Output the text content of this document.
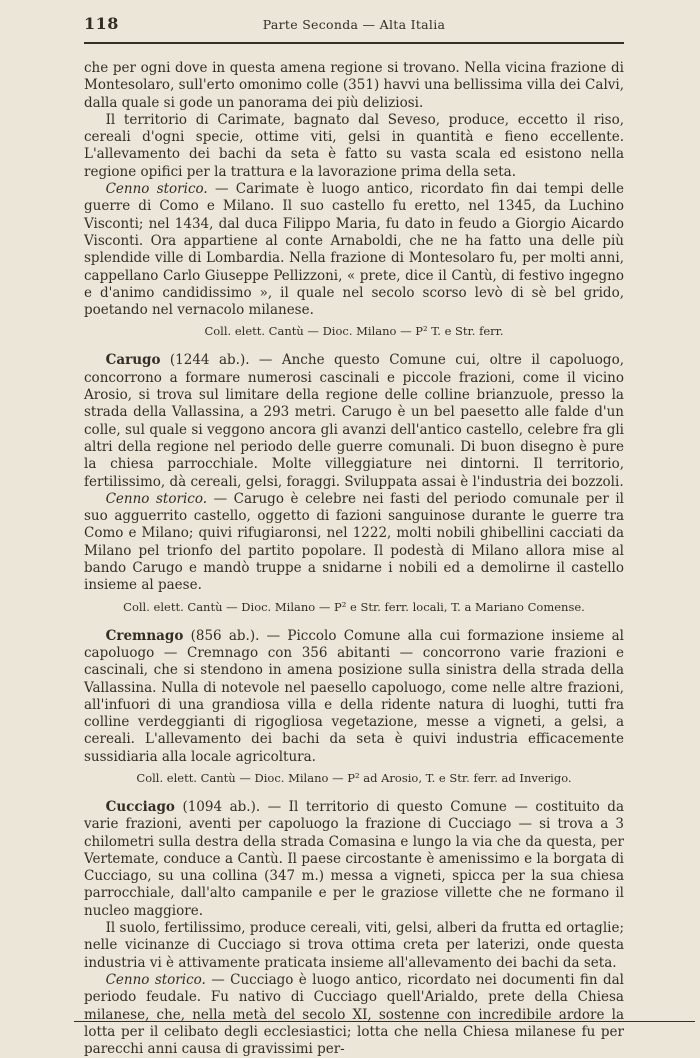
118	Parte Seconda — Alta Italia

che per ogni dove in questa amena regione si trovano. Nella vicina frazione di Montesolaro, sull'erto omonimo colle (351) havvi una bellissima villa dei Calvi, dalla quale si gode un panorama dei più deliziosi.

Il territorio di Carimate, bagnato dal Seveso, produce, eccetto il riso, cereali d'ogni specie, ottime viti, gelsi in quantità e fieno eccellente. L'allevamento dei bachi da seta è fatto su vasta scala ed esistono nella regione opifici per la trattura e la lavorazione prima della seta.

Cenno storico. — Carimate è luogo antico, ricordato fin dai tempi delle guerre di Como e Milano. Il suo castello fu eretto, nel 1345, da Luchino Visconti; nel 1434, dal duca Filippo Maria, fu dato in feudo a Giorgio Aicardo Visconti. Ora appartiene al conte Arnaboldi, che ne ha fatto una delle più splendide ville di Lombardia. Nella frazione di Montesolaro fu, per molti anni, cappellano Carlo Giuseppe Pellizzoni, « prete, dice il Cantù, di festivo ingegno e d'animo candidissimo », il quale nel secolo scorso levò di sè bel grido, poetando nel vernacolo milanese.

Coll. elett. Cantù — Dioc. Milano — P² T. e Str. ferr.

Carugo (1244 ab.). — Anche questo Comune cui, oltre il capoluogo, concorrono a formare numerosi cascinali e piccole frazioni, come il vicino Arosio, si trova sul limitare della regione delle colline brianzuole, presso la strada della Vallassina, a 293 metri. Carugo è un bel paesetto alle falde d'un colle, sul quale si veggono ancora gli avanzi dell'antico castello, celebre fra gli altri della regione nel periodo delle guerre comunali. Di buon disegno è pure la chiesa parrocchiale. Molte villeggiature nei dintorni. Il territorio, fertilissimo, dà cereali, gelsi, foraggi. Sviluppata assai è l'industria dei bozzoli.

Cenno storico. — Carugo è celebre nei fasti del periodo comunale per il suo agguerrito castello, oggetto di fazioni sanguinose durante le guerre tra Como e Milano; quivi rifugiaronsi, nel 1222, molti nobili ghibellini cacciati da Milano pel trionfo del partito popolare. Il podestà di Milano allora mise al bando Carugo e mandò truppe a snidarne i nobili ed a demolirne il castello insieme al paese.

Coll. elett. Cantù — Dioc. Milano — P² e Str. ferr. locali, T. a Mariano Comense.

Cremnago (856 ab.). — Piccolo Comune alla cui formazione insieme al capoluogo — Cremnago con 356 abitanti — concorrono varie frazioni e cascinali, che si stendono in amena posizione sulla sinistra della strada della Vallassina. Nulla di notevole nel paesello capoluogo, come nelle altre frazioni, all'infuori di una grandiosa villa e della ridente natura di luoghi, tutti fra colline verdeggianti di rigogliosa vegetazione, messe a vigneti, a gelsi, a cereali. L'allevamento dei bachi da seta è quivi industria efficacemente sussidiaria alla locale agricoltura.

Coll. elett. Cantù — Dioc. Milano — P² ad Arosio, T. e Str. ferr. ad Inverigo.

Cucciago (1094 ab.). — Il territorio di questo Comune — costituito da varie frazioni, aventi per capoluogo la frazione di Cucciago — si trova a 3 chilometri sulla destra della strada Comasina e lungo la via che da questa, per Vertemate, conduce a Cantù. Il paese circostante è amenissimo e la borgata di Cucciago, su una collina (347 m.) messa a vigneti, spicca per la sua chiesa parrocchiale, dall'alto campanile e per le graziose villette che ne formano il nucleo maggiore.

Il suolo, fertilissimo, produce cereali, viti, gelsi, alberi da frutta ed ortaglie; nelle vicinanze di Cucciago si trova ottima creta per laterizi, onde questa industria vi è attivamente praticata insieme all'allevamento dei bachi da seta.

Cenno storico. — Cucciago è luogo antico, ricordato nei documenti fin dal periodo feudale. Fu nativo di Cucciago quell'Arialdo, prete della Chiesa milanese, che, nella metà del secolo XI, sostenne con incredibile ardore la lotta per il celibato degli ecclesiastici; lotta che nella Chiesa milanese fu per parecchi anni causa di gravissimi per-
